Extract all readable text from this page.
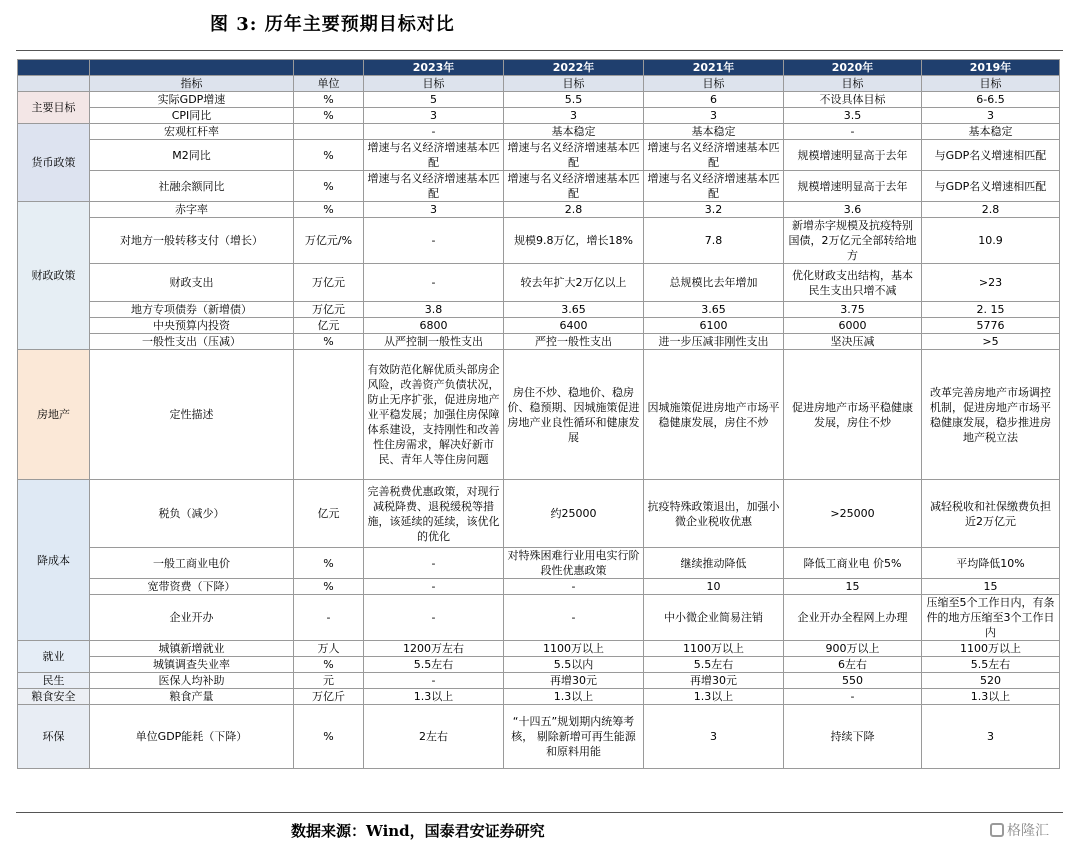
图 3: 历年主要预期目标对比
			2023年	2022年	2021年	2020年	2019年
	指标	单位	目标	目标	目标	目标	目标
主要目标	实际GDP增速	%	5	5.5	6	不设具体目标	6-6.5
	CPI同比	%	3	3	3	3.5	3
货币政策	宏观杠杆率		-	基本稳定	基本稳定	-	基本稳定
	M2同比	%	增速与名义经济增速基本匹配	增速与名义经济增速基本匹配	增速与名义经济增速基本匹配	规模增速明显高于去年	与GDP名义增速相匹配
	社融余额同比	%	增速与名义经济增速基本匹配	增速与名义经济增速基本匹配	增速与名义经济增速基本匹配	规模增速明显高于去年	与GDP名义增速相匹配
财政政策	赤字率	%	3	2.8	3.2	3.6	2.8
	对地方一般转移支付（增长）	万亿元/%	-	规模9.8万亿，增长18%	7.8	新增赤字规模及抗疫特别国债，2万亿元全部转给地方	10.9
	财政支出	万亿元	-	较去年扩大2万亿以上	总规模比去年增加	优化财政支出结构，基本民生支出只增不减	>23
	地方专项债券（新增债）	万亿元	3.8	3.65	3.65	3.75	2. 15
	中央预算内投资	亿元	6800	6400	6100	6000	5776
	一般性支出（压减）	%	从严控制一般性支出	严控一般性支出	进一步压减非刚性支出	坚决压减	>5
房地产	定性描述		有效防范化解优质头部房企风险，改善资产负债状况，防止无序扩张，促进房地产业平稳发展；加强住房保障体系建设，支持刚性和改善性住房需求，解决好新市民、青年人等住房问题	房住不炒、稳地价、稳房价、稳预期、因城施策促进房地产业良性循环和健康发展	因城施策促进房地产市场平稳健康发展，房住不炒	促进房地产市场平稳健康发展，房住不炒	改革完善房地产市场调控机制，促进房地产市场平稳健康发展，稳步推进房地产税立法
降成本	税负（减少）	亿元	完善税费优惠政策，对现行减税降费、退税缓税等措施，该延续的延续，该优化的优化	约25000	抗疫特殊政策退出，加强小微企业税收优惠	>25000	减轻税收和社保缴费负担近2万亿元
	一般工商业电价	%	-	对特殊困难行业用电实行阶段性优惠政策	继续推动降低	降低工商业电 价5%	平均降低10%
	宽带资费（下降）	%	-	-	10	15	15
	企业开办	-	-	-	中小微企业简易注销	企业开办全程网上办理	压缩至5个工作日内，有条件的地方压缩至3个工作日内
就业	城镇新增就业	万人	1200万左右	1100万以上	1100万以上	900万以上	1100万以上
	城镇调查失业率	%	5.5左右	5.5以内	5.5左右	6左右	5.5左右
民生	医保人均补助	元	-	再增30元	再增30元	550	520
粮食安全	粮食产量	万亿斤	1.3以上	1.3以上	1.3以上	-	1.3以上
环保	单位GDP能耗（下降）	%	2左右	“十四五”规划期内统筹考核， 剔除新增可再生能源和原料用能	3	持续下降	3
数据来源：Wind，国泰君安证券研究	格隆汇
